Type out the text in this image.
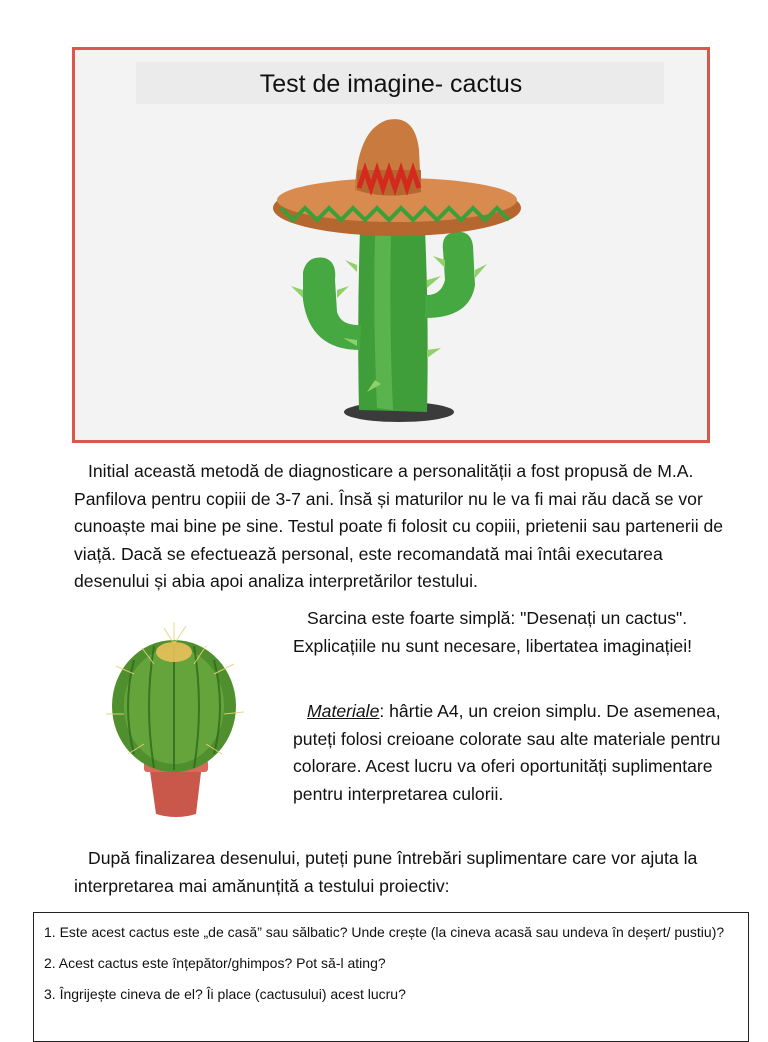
Test de imagine- cactus

Initial această metodă de diagnosticare a personalității a fost propusă de M.A. Panfilova pentru copiii de 3-7 ani. Însă și maturilor nu le va fi mai rău dacă se vor cunoaște mai bine pe sine. Testul poate fi folosit cu copiii, prietenii sau partenerii de viață. Dacă se efectuează personal, este recomandată mai întâi executarea desenului și abia apoi analiza interpretărilor testului.

Sarcina este foarte simplă: "Desenați un cactus". Explicațiile nu sunt necesare, libertatea imaginației!

Materiale: hârtie A4, un creion simplu. De asemenea, puteți folosi creioane colorate sau alte materiale pentru colorare. Acest lucru va oferi oportunități suplimentare pentru interpretarea culorii.

După finalizarea desenului, puteți pune întrebări suplimentare care vor ajuta la interpretarea mai amănunțită a testului proiectiv:

1. Este acest cactus este „de casă” sau sălbatic? Unde crește (la cineva acasă sau undeva în deșert/ pustiu)?

2. Acest cactus este înțepător/ghimpos? Pot să-l ating?

3. Îngrijește cineva de el? Îi place (cactusului) acest lucru?
